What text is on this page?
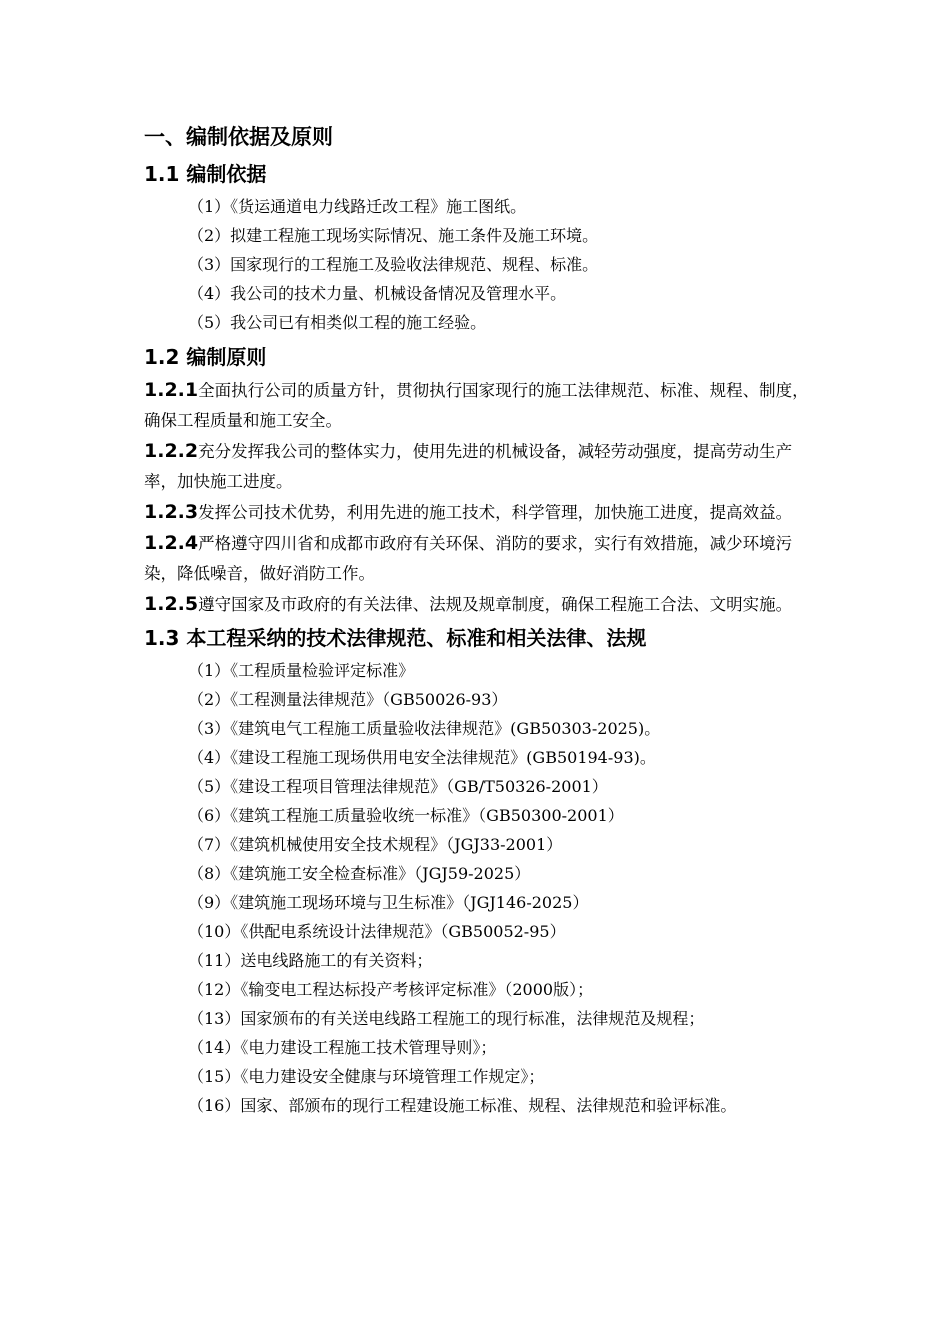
一、编制依据及原则

1.1 编制依据

（1）《货运通道电力线路迁改工程》施工图纸。

（2）拟建工程施工现场实际情况、施工条件及施工环境。

（3）国家现行的工程施工及验收法律规范、规程、标准。

（4）我公司的技术力量、机械设备情况及管理水平。

（5）我公司已有相类似工程的施工经验。

1.2 编制原则

1.2.1全面执行公司的质量方针，贯彻执行国家现行的施工法律规范、标准、规程、制度，确保工程质量和施工安全。

1.2.2充分发挥我公司的整体实力，使用先进的机械设备，减轻劳动强度，提高劳动生产率，加快施工进度。

1.2.3发挥公司技术优势，利用先进的施工技术，科学管理，加快施工进度，提高效益。

1.2.4严格遵守四川省和成都市政府有关环保、消防的要求，实行有效措施，减少环境污染，降低噪音，做好消防工作。

1.2.5遵守国家及市政府的有关法律、法规及规章制度，确保工程施工合法、文明实施。

1.3 本工程采纳的技术法律规范、标准和相关法律、法规

（1）《工程质量检验评定标准》

（2）《工程测量法律规范》（GB50026-93）

（3）《建筑电气工程施工质量验收法律规范》(GB50303-2025)。

（4）《建设工程施工现场供用电安全法律规范》(GB50194-93)。

（5）《建设工程项目管理法律规范》（GB/T50326-2001）

（6）《建筑工程施工质量验收统一标准》（GB50300-2001）

（7）《建筑机械使用安全技术规程》（JGJ33-2001）

（8）《建筑施工安全检查标准》（JGJ59-2025）

（9）《建筑施工现场环境与卫生标准》（JGJ146-2025）

（10）《供配电系统设计法律规范》（GB50052-95）

（11）送电线路施工的有关资料；

（12）《输变电工程达标投产考核评定标准》（2000版）；

（13）国家颁布的有关送电线路工程施工的现行标准，法律规范及规程；

（14）《电力建设工程施工技术管理导则》；

（15）《电力建设安全健康与环境管理工作规定》；

（16）国家、部颁布的现行工程建设施工标准、规程、法律规范和验评标准。
